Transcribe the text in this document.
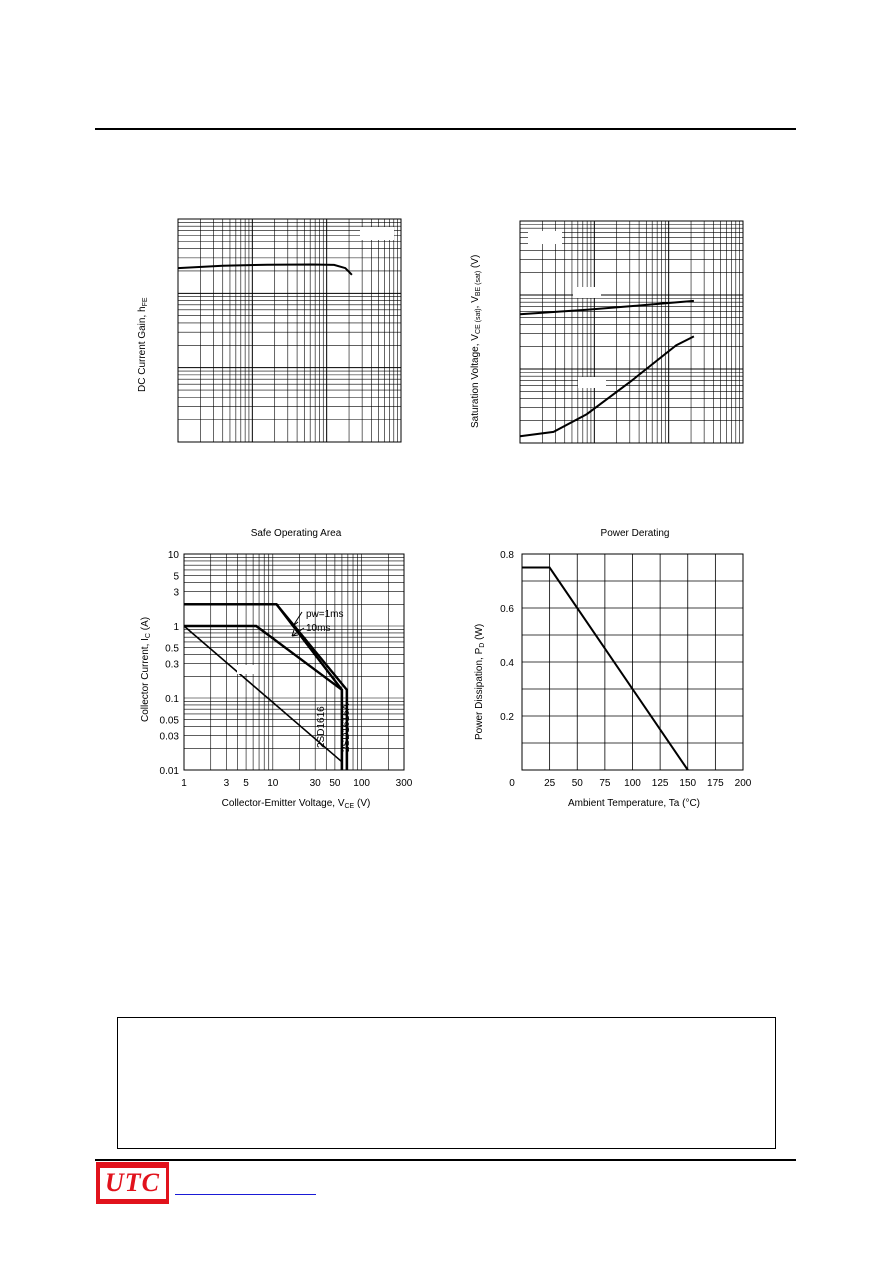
DC Current Gain, $h_{FE}$
Saturation Voltage, $V_{CE (sat)}$, $V_{BE (sat)}$ (V)
Safe Operating Area
1	3 5 10	30 50 100	300
10
5
3
1
0.5
0.3
0.1
0.05
0.03
0.01
pw=1ms
10ms
2SD1616 2SD1616A
Collector-Emitter Voltage, $V_{CE}$ (V)
Collector Current, $I_C$ (A)
Power Derating
0	25 50 75 100 125 150 175 200
0.8
0.6
0.4
0.2
Ambient Temperature, Ta (°C)
Power Dissipation, $P_D$ (W)
UTC
